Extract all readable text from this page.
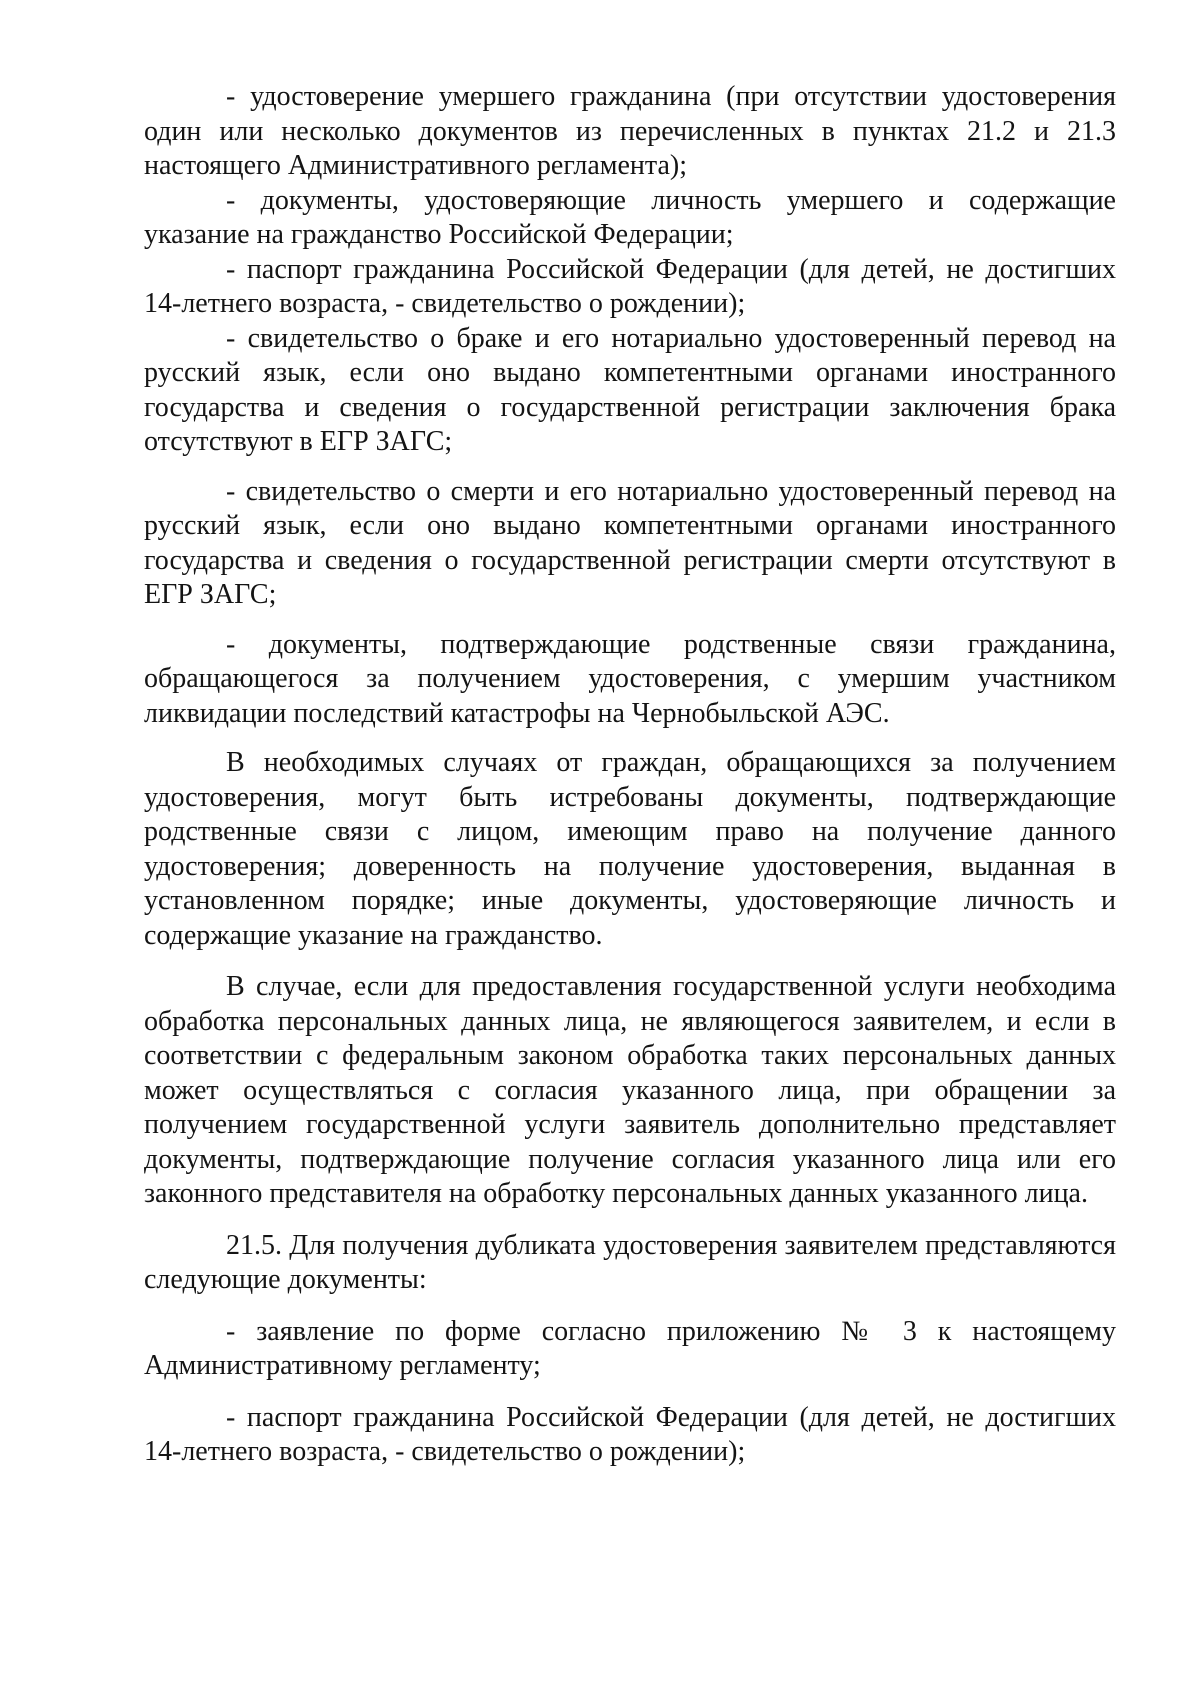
- удостоверение умершего гражданина (при отсутствии удостоверения один или несколько документов из перечисленных в пунктах 21.2 и 21.3 настоящего Административного регламента);

- документы, удостоверяющие личность умершего и содержащие указание на гражданство Российской Федерации;

- паспорт гражданина Российской Федерации (для детей, не достигших 14-летнего возраста, - свидетельство о рождении);

- свидетельство о браке и его нотариально удостоверенный перевод на русский язык, если оно выдано компетентными органами иностранного государства и сведения о государственной регистрации заключения брака отсутствуют в ЕГР ЗАГС;

- свидетельство о смерти и его нотариально удостоверенный перевод на русский язык, если оно выдано компетентными органами иностранного государства и сведения о государственной регистрации смерти отсутствуют в ЕГР ЗАГС;

- документы, подтверждающие родственные связи гражданина, обращающегося за получением удостоверения, с умершим участником ликвидации последствий катастрофы на Чернобыльской АЭС.

В необходимых случаях от граждан, обращающихся за получением удостоверения, могут быть истребованы документы, подтверждающие родственные связи с лицом, имеющим право на получение данного удостоверения; доверенность на получение удостоверения, выданная в установленном порядке; иные документы, удостоверяющие личность и содержащие указание на гражданство.

В случае, если для предоставления государственной услуги необходима обработка персональных данных лица, не являющегося заявителем, и если в соответствии с федеральным законом обработка таких персональных данных может осуществляться с согласия указанного лица, при обращении за получением государственной услуги заявитель дополнительно представляет документы, подтверждающие получение согласия указанного лица или его законного представителя на обработку персональных данных указанного лица.

21.5. Для получения дубликата удостоверения заявителем представляются следующие документы:

- заявление по форме согласно приложению № 3 к настоящему Административному регламенту;

- паспорт гражданина Российской Федерации (для детей, не достигших 14-летнего возраста, - свидетельство о рождении);
